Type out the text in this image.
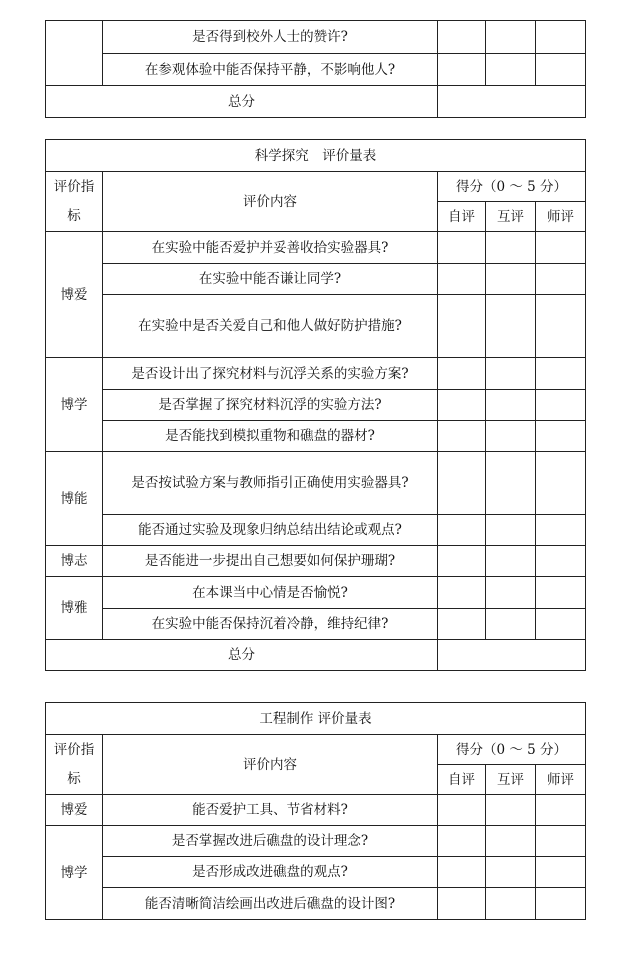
	是否得到校外人士的赞许?			
	在参观体验中能否保持平静，不影响他人?			
总分				
科学探究　评价量表				
评价指标	评价内容	得分（0 ～ 5 分）		
		自评	互评	师评
博爱	在实验中能否爱护并妥善收拾实验器具?			
	在实验中能否谦让同学?			
	在实验中是否关爱自己和他人做好防护措施?			
博学	是否设计出了探究材料与沉浮关系的实验方案?			
	是否掌握了探究材料沉浮的实验方法?			
	是否能找到模拟重物和礁盘的器材?			
博能	是否按试验方案与教师指引正确使用实验器具?			
	能否通过实验及现象归纳总结出结论或观点?			
博志	是否能进一步提出自己想要如何保护珊瑚?			
博雅	在本课当中心情是否愉悦?			
	在实验中能否保持沉着冷静，维持纪律?			
总分				
工程制作 评价量表				
评价指标	评价内容	得分（0 ～ 5 分）		
		自评	互评	师评
博爱	能否爱护工具、节省材料?			
博学	是否掌握改进后礁盘的设计理念?			
	是否形成改进礁盘的观点?			
	能否清晰简洁绘画出改进后礁盘的设计图?			
